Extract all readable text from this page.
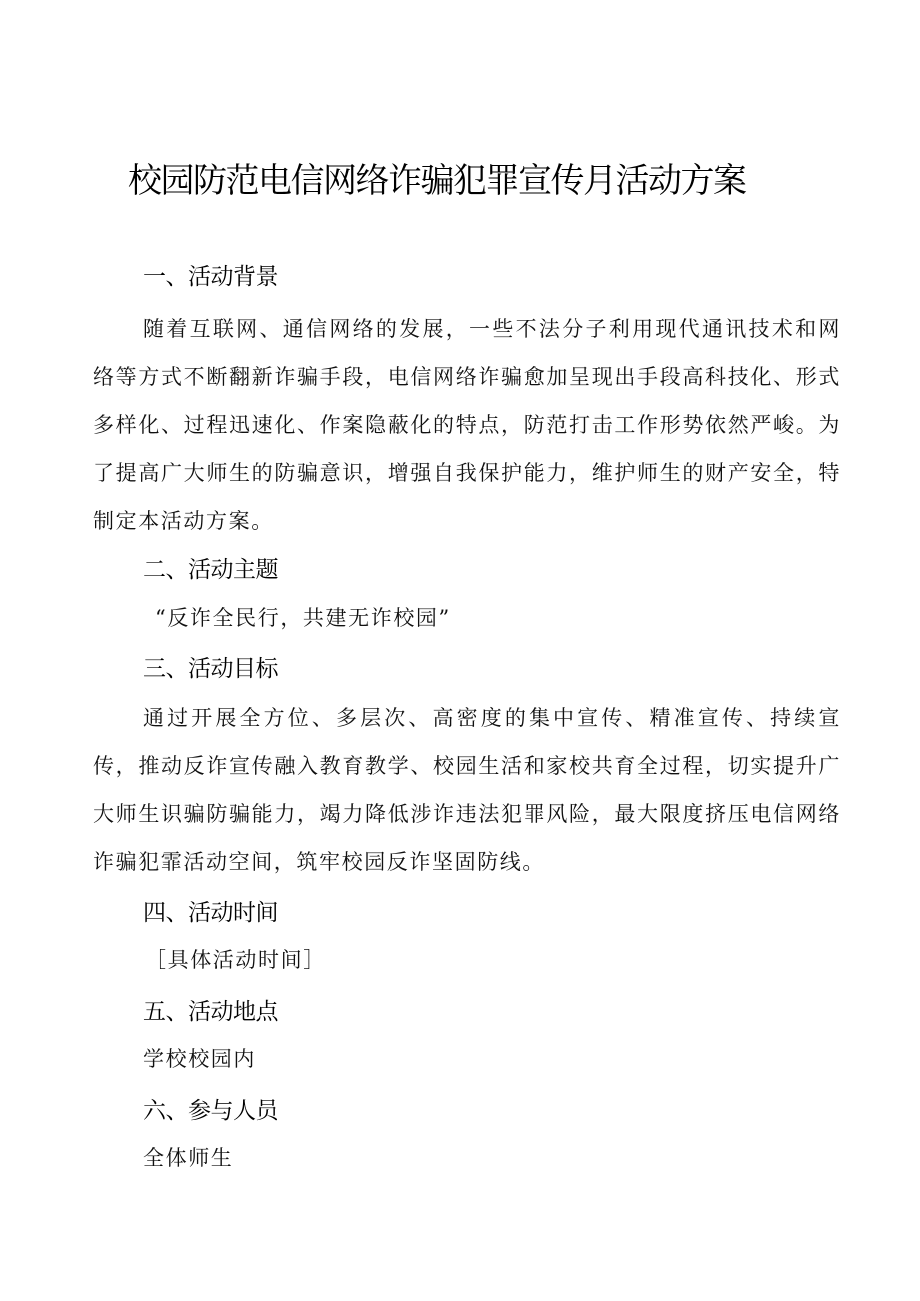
校园防范电信网络诈骗犯罪宣传月活动方案
一、活动背景

随着互联网、通信网络的发展，一些不法分子利用现代通讯技术和网络等方式不断翻新诈骗手段，电信网络诈骗愈加呈现出手段高科技化、形式多样化、过程迅速化、作案隐蔽化的特点，防范打击工作形势依然严峻。为了提高广大师生的防骗意识，增强自我保护能力，维护师生的财产安全，特制定本活动方案。

二、活动主题

“反诈全民行，共建无诈校园”

三、活动目标

通过开展全方位、多层次、高密度的集中宣传、精准宣传、持续宣传，推动反诈宣传融入教育教学、校园生活和家校共育全过程，切实提升广大师生识骗防骗能力，竭力降低涉诈违法犯罪风险，最大限度挤压电信网络诈骗犯霏活动空间，筑牢校园反诈坚固防线。

四、活动时间

［具体活动时间］

五、活动地点

学校校园内

六、参与人员

全体师生
